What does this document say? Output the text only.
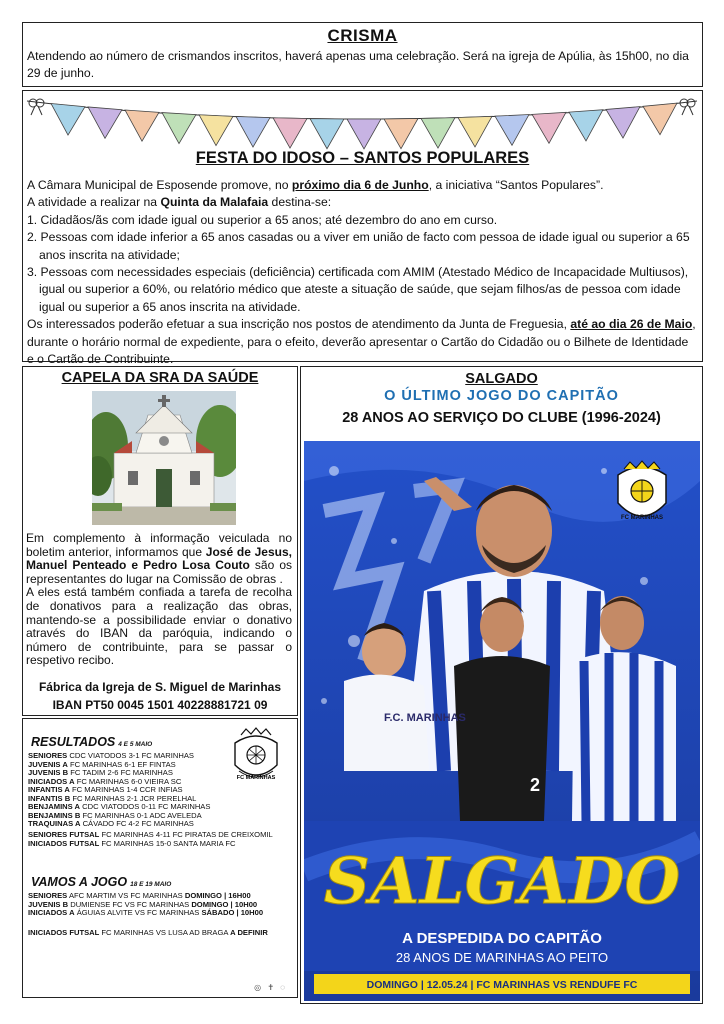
CRISMA

Atendendo ao número de crismandos inscritos, haverá apenas uma celebração. Será na igreja de Apúlia, às 15h00, no dia 29 de junho.

FESTA DO IDOSO – SANTOS POPULARES
A Câmara Municipal de Esposende promove, no próximo dia 6 de Junho, a iniciativa “Santos Populares”.
A atividade a realizar na Quinta da Malafaia destina-se:
1. Cidadãos/ãs com idade igual ou superior a 65 anos; até dezembro do ano em curso.
2. Pessoas com idade inferior a 65 anos casadas ou a viver em união de facto com pessoa de idade igual ou superior a 65 anos inscrita na atividade;
3. Pessoas com necessidades especiais (deficiência) certificada com AMIM (Atestado Médico de Incapacidade Multiusos), igual ou superior a 60%, ou relatório médico que ateste a situação de saúde, que sejam filhos/as de pessoa com idade igual ou superior a 65 anos inscrita na atividade.
Os interessados poderão efetuar a sua inscrição nos postos de atendimento da Junta de Freguesia, até ao dia 26 de Maio, durante o horário normal de expediente, para o efeito, deverão apresentar o Cartão do Cidadão ou o Bilhete de Identidade e o Cartão de Contribuinte.
CAPELA DA SRA DA SAÚDE

Em complemento à informação veiculada no boletim anterior, informamos que José de Jesus, Manuel Penteado e Pedro Losa Couto são os representantes do lugar na Comissão de obras .

A eles está também confiada a tarefa de recolha de donativos para a realização das obras, mantendo-se a possibilidade enviar o donativo através do IBAN da paróquia, indicando o número de contribuinte, para se passar o respetivo recibo.

Fábrica da Igreja de S. Miguel de Marinhas
IBAN PT50 0045 1501 40228881721 09
RESULTADOS 4 E 5 MAIO
FC MARINHAS
SENIORES CDC VIATODOS 3-1 FC MARINHAS
JUVENIS A FC MARINHAS 6-1 EF FINTAS
JUVENIS B FC TADIM 2-6 FC MARINHAS
INICIADOS A FC MARINHAS 6-0 VIEIRA SC
INFANTIS A FC MARINHAS 1-4 CCR INFIAS
INFANTIS B FC MARINHAS 2-1 JCR PERELHAL
BENJAMINS A CDC VIATODOS 0-11 FC MARINHAS
BENJAMINS B FC MARINHAS 0-1 ADC AVELEDA
TRAQUINAS A CÁVADO FC 4-2 FC MARINHAS
SENIORES FUTSAL FC MARINHAS 4-11 FC PIRATAS DE CREIXOMIL
INICIADOS FUTSAL FC MARINHAS 15-0 SANTA MARIA FC
VAMOS A JOGO 18 E 19 MAIO
SENIORES AFC MARTIM VS FC MARINHAS DOMINGO | 16H00
JUVENIS B DUMIENSE FC VS FC MARINHAS DOMINGO | 10H00
INICIADOS A ÁGUIAS ALVITE VS FC MARINHAS SÁBADO | 10H00
INICIADOS FUTSAL FC MARINHAS VS LUSA AD BRAGA A DEFINIR
◎ ✝ ◌
SALGADO
O ÚLTIMO JOGO DO CAPITÃO
28 ANOS AO SERVIÇO DO CLUBE (1996-2024)
FC MARINHAS
2
F.C. MARINHAS
SALGADO
A DESPEDIDA DO CAPITÃO
28 ANOS DE MARINHAS AO PEITO
DOMINGO | 12.05.24 | FC MARINHAS VS RENDUFE FC
